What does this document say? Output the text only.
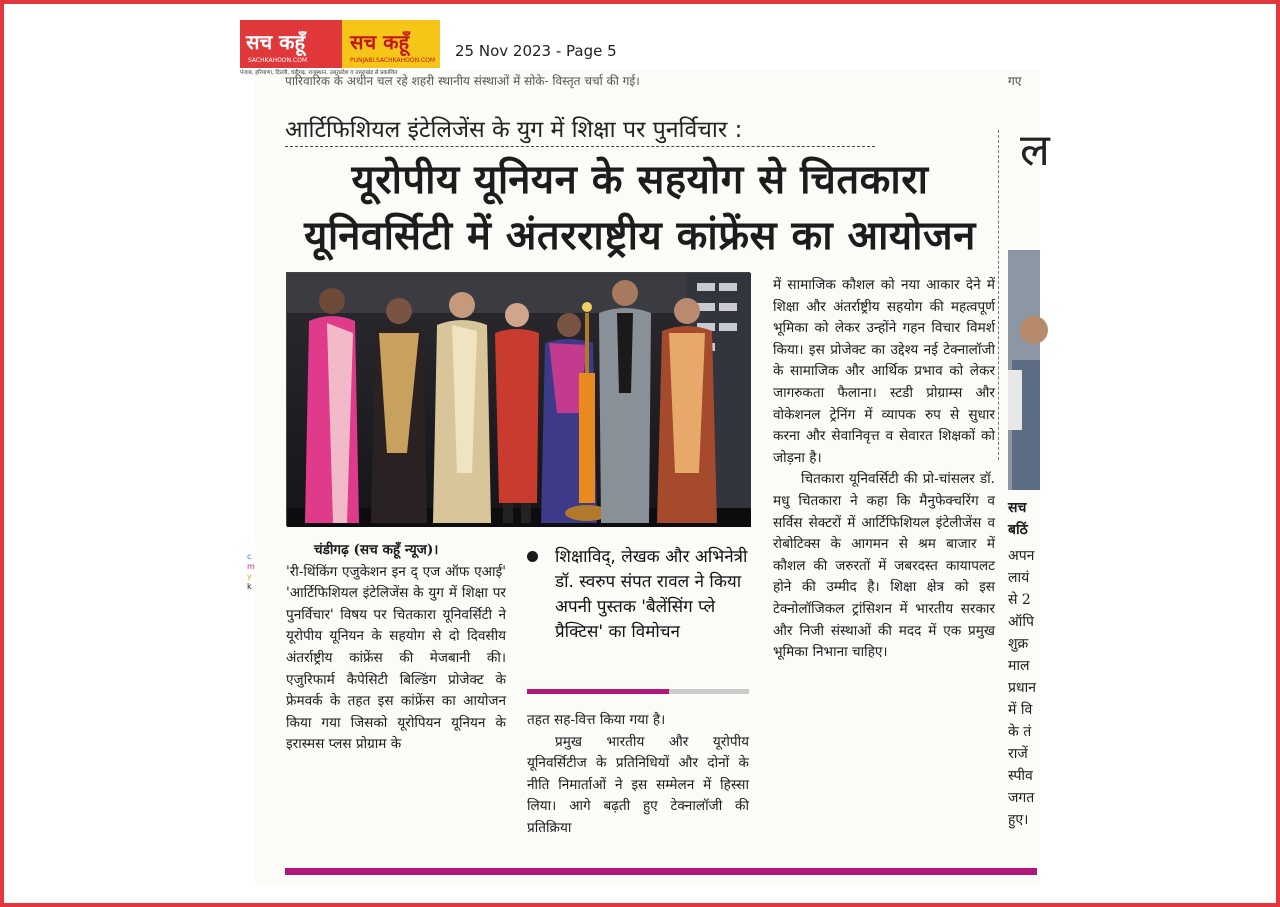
सच कहूँ
SACHKAHOON.COM
सच कहूँ
PUNJABI.SACHKAHOON.COM
पंजाब, हरियाणा, दिल्ली, चंडीगढ़, राजस्थान, उत्तरप्रदेश व उत्तराखंड से प्रकाशित
25 Nov 2023 - Page 5
पारिवारिक के अधीन चल रहे शहरी स्थानीय संस्थाओं में सोके- विस्तृत चर्चा की गई।
आर्टिफिशियल इंटेलिजेंस के युग में शिक्षा पर पुनर्विचार :
यूरोपीय यूनियन के सहयोग से चितकारा
यूनिवर्सिटी में अंतरराष्ट्रीय कांफ्रेंस का आयोजन

चंडीगढ़ (सच कहूँ न्यूज)।

'री-थिंकिंग एजुकेशन इन द् एज ऑफ एआई' 'आर्टिफिशियल इंटेलिजेंस के युग में शिक्षा पर पुनर्विचार' विषय पर चितकारा यूनिवर्सिटी ने यूरोपीय यूनियन के सहयोग से दो दिवसीय अंतर्राष्ट्रीय कांफ्रेंस की मेजबानी की। एजुरिफार्म कैपेसिटी बिल्डिंग प्रोजेक्ट के फ्रेमवर्क के तहत इस कांफ्रेंस का आयोजन किया गया जिसको यूरोपियन यूनियन के इरास्मस प्लस प्रोग्राम के

शिक्षाविद्, लेखक और अभिनेत्री डॉ. स्वरुप संपत रावल ने किया अपनी पुस्तक 'बैलेंसिंग प्ले प्रैक्टिस' का विमोचन

तहत सह-वित्त किया गया है।

प्रमुख भारतीय और यूरोपीय यूनिवर्सिटीज के प्रतिनिधियों और दोनों के नीति निमार्ताओं ने इस सम्मेलन में हिस्सा लिया। आगे बढ़ती हुए टेक्नालॉजी की प्रतिक्रिया

में सामाजिक कौशल को नया आकार देने में शिक्षा और अंतर्राष्ट्रीय सहयोग की महत्वपूर्ण भूमिका को लेकर उन्होंने गहन विचार विमर्श किया। इस प्रोजेक्ट का उद्देश्य नई टेक्नालॉजी के सामाजिक और आर्थिक प्रभाव को लेकर जागरुकता फैलाना। स्टडी प्रोग्राम्स और वोकेशनल ट्रेनिंग में व्यापक रुप से सुधार करना और सेवानिवृत्त व सेवारत शिक्षकों को जोड़ना है।

चितकारा यूनिवर्सिटी की प्रो-चांसलर डॉ. मधु चितकारा ने कहा कि मैनुफेक्चरिंग व सर्विस सेक्टरों में आर्टिफिशियल इंटेलीजेंस व रोबोटिक्स के आगमन से श्रम बाजार में कौशल की जरुरतों में जबरदस्त कायापलट होने की उम्मीद है। शिक्षा क्षेत्र को इस टेक्नोलॉजिकल ट्रांसिशन में भारतीय सरकार और निजी संस्थाओं की मदद में एक प्रमुख भूमिका निभाना चाहिए।

c
m
y
k
गए
ल
सच
बठिं
अपन
लायं
से 2
ऑपि
शुक्र
माल
प्रधान
में वि
के तं
राजें
स्पीव
जगत
हुए।
